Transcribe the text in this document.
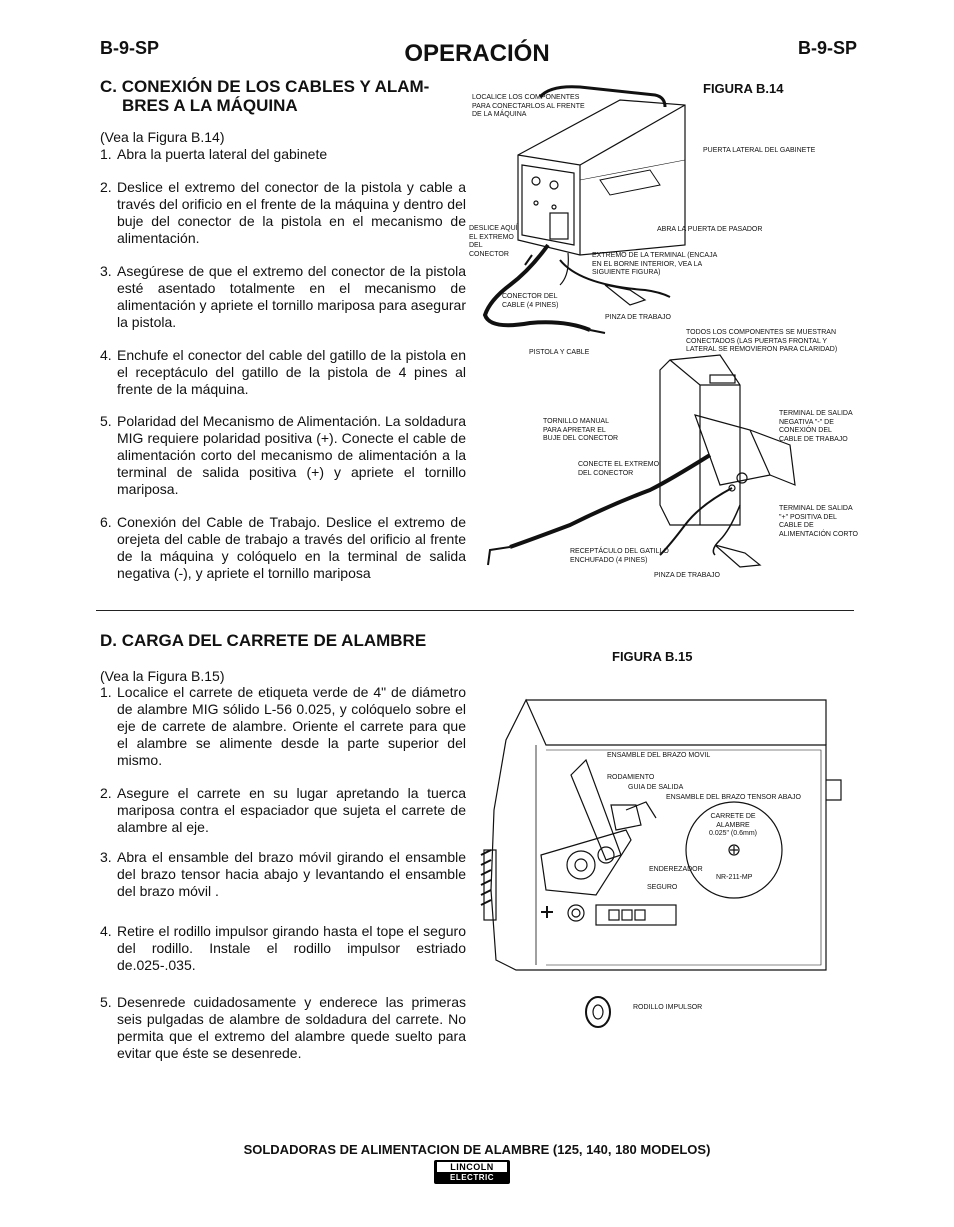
B-9-SP	OPERACIÓN	B-9-SP
C. CONEXIÓN DE LOS CABLES Y ALAM-
BRES A LA MÁQUINA
(Vea la Figura B.14)
1. Abra la puerta lateral del gabinete
2. Deslice el extremo del conector de la pistola y cable a través del orificio en el frente de la máquina y dentro del buje del conector de la pistola en el mecanismo de alimentación.
3. Asegúrese de que el extremo del conector de la pistola esté asentado totalmente en el mecanismo de alimentación y apriete el tornillo mariposa para asegurar la pistola.
4. Enchufe el conector del cable del gatillo de la pistola en el receptáculo del gatillo de la pistola de 4 pines al frente de la máquina.
5. Polaridad del Mecanismo de Alimentación. La soldadura MIG requiere polaridad positiva (+). Conecte el cable de alimentación corto del mecanismo de alimentación a la terminal de salida positiva (+) y apriete el tornillo mariposa.
6. Conexión del Cable de Trabajo. Deslice el extremo de orejeta del cable de trabajo a través del orificio al frente de la máquina y colóquelo en la terminal de salida negativa (-), y apriete el tornillo mariposa
FIGURA B.14
LOCALICE LOS COMPONENTES PARA CONECTARLOS AL FRENTE DE LA MÁQUINA
PUERTA LATERAL DEL GABINETE
DESLICE AQUÍ EL EXTREMO DEL CONECTOR
ABRA LA PUERTA DE PASADOR
EXTREMO DE LA TERMINAL (ENCAJA EN EL BORNE INTERIOR, VEA LA SIGUIENTE FIGURA)
CONECTOR DEL CABLE (4 PINES)
PINZA DE TRABAJO
PISTOLA Y CABLE
TODOS LOS COMPONENTES SE MUESTRAN CONECTADOS (LAS PUERTAS FRONTAL Y LATERAL SE REMOVIERON PARA CLARIDAD)
TORNILLO MANUAL PARA APRETAR EL BUJE DEL CONECTOR
TERMINAL DE SALIDA NEGATIVA "-" DE CONEXIÓN DEL CABLE DE TRABAJO
CONECTE EL EXTREMO DEL CONECTOR
TERMINAL DE SALIDA "+" POSITIVA DEL CABLE DE ALIMENTACIÓN CORTO
RECEPTÁCULO DEL GATILLO ENCHUFADO (4 PINES)
PINZA DE TRABAJO
D. CARGA DEL CARRETE DE ALAMBRE
FIGURA B.15
(Vea la Figura B.15)
1. Localice el carrete de etiqueta verde de 4" de diámetro de alambre MIG sólido L-56 0.025, y colóquelo sobre el eje de carrete de alambre. Oriente el carrete para que el alambre se alimente desde la parte superior del mismo.
2. Asegure el carrete en su lugar apretando la tuerca mariposa contra el espaciador que sujeta el carrete de alambre al eje.
3. Abra el ensamble del brazo móvil girando el ensamble del brazo tensor hacia abajo y levantando el ensamble del brazo móvil .
4. Retire el rodillo impulsor girando hasta el tope el seguro del rodillo. Instale el rodillo impulsor estriado de.025-.035.
5. Desenrede cuidadosamente y enderece las primeras seis pulgadas de alambre de soldadura del carrete. No permita que el extremo del alambre quede suelto para evitar que éste se desenrede.
ENSAMBLE DEL BRAZO MOVIL
RODAMIENTO
GUIA DE SALIDA
ENSAMBLE DEL BRAZO TENSOR ABAJO
CARRETE DE ALAMBRE 0.025" (0.6mm)
ENDEREZADOR
SEGURO
NR-211-MP
RODILLO IMPULSOR
SOLDADORAS DE ALIMENTACION DE ALAMBRE (125, 140, 180 MODELOS)
LINCOLN
ELECTRIC
